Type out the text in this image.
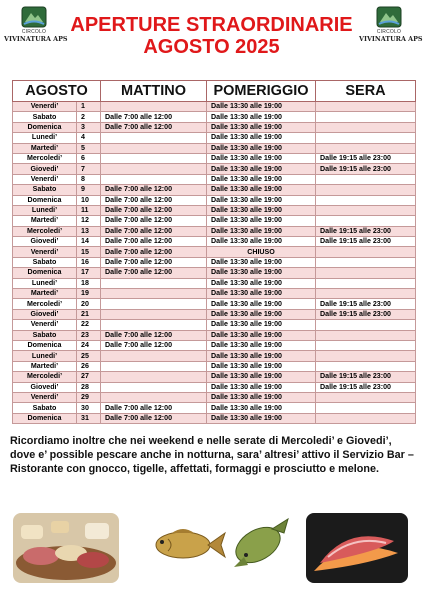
CIRCOLO
VIVINATURA APS
CIRCOLO
VIVINATURA APS
APERTURE STRAORDINARIE
AGOSTO 2025
AGOSTO		MATTINO	POMERIGGIO	SERA
Venerdi’	1		Dalle 13:30 alle 19:00	
Sabato	2	Dalle 7:00 alle 12:00	Dalle 13:30 alle 19:00	
Domenica	3	Dalle 7:00 alle 12:00	Dalle 13:30 alle 19:00	
Lunedi’	4		Dalle 13:30 alle 19:00	
Martedi’	5		Dalle 13:30 alle 19:00	
Mercoledi’	6		Dalle 13:30 alle 19:00	Dalle 19:15 alle 23:00
Giovedi’	7		Dalle 13:30 alle 19:00	Dalle 19:15 alle 23:00
Venerdi’	8		Dalle 13:30 alle 19:00	
Sabato	9	Dalle 7:00 alle 12:00	Dalle 13:30 alle 19:00	
Domenica	10	Dalle 7:00 alle 12:00	Dalle 13:30 alle 19:00	
Lunedi’	11	Dalle 7:00 alle 12:00	Dalle 13:30 alle 19:00	
Martedi’	12	Dalle 7:00 alle 12:00	Dalle 13:30 alle 19:00	
Mercoledi’	13	Dalle 7:00 alle 12:00	Dalle 13:30 alle 19:00	Dalle 19:15 alle 23:00
Giovedi’	14	Dalle 7:00 alle 12:00	Dalle 13:30 alle 19:00	Dalle 19:15 alle 23:00
Venerdi’	15	Dalle 7:00 alle 12:00	CHIUSO	
Sabato	16	Dalle 7:00 alle 12:00	Dalle 13:30 alle 19:00	
Domenica	17	Dalle 7:00 alle 12:00	Dalle 13:30 alle 19:00	
Lunedi’	18		Dalle 13:30 alle 19:00	
Martedi’	19		Dalle 13:30 alle 19:00	
Mercoledi’	20		Dalle 13:30 alle 19:00	Dalle 19:15 alle 23:00
Giovedi’	21		Dalle 13:30 alle 19:00	Dalle 19:15 alle 23:00
Venerdi’	22		Dalle 13:30 alle 19:00	
Sabato	23	Dalle 7:00 alle 12:00	Dalle 13:30 alle 19:00	
Domenica	24	Dalle 7:00 alle 12:00	Dalle 13:30 alle 19:00	
Lunedi’	25		Dalle 13:30 alle 19:00	
Martedi’	26		Dalle 13:30 alle 19:00	
Mercoledi’	27		Dalle 13:30 alle 19:00	Dalle 19:15 alle 23:00
Giovedi’	28		Dalle 13:30 alle 19:00	Dalle 19:15 alle 23:00
Venerdi’	29		Dalle 13:30 alle 19:00	
Sabato	30	Dalle 7:00 alle 12:00	Dalle 13:30 alle 19:00	
Domenica	31	Dalle 7:00 alle 12:00	Dalle 13:30 alle 19:00	

Ricordiamo inoltre che nei weekend e nelle serate di Mercoledi’ e Giovedi’, dove e’ possible pescare anche in notturna, sara’ altresi’ attivo il Servizio Bar – Ristorante con gnocco, tigelle, affettati, formaggi e prosciutto e melone.
